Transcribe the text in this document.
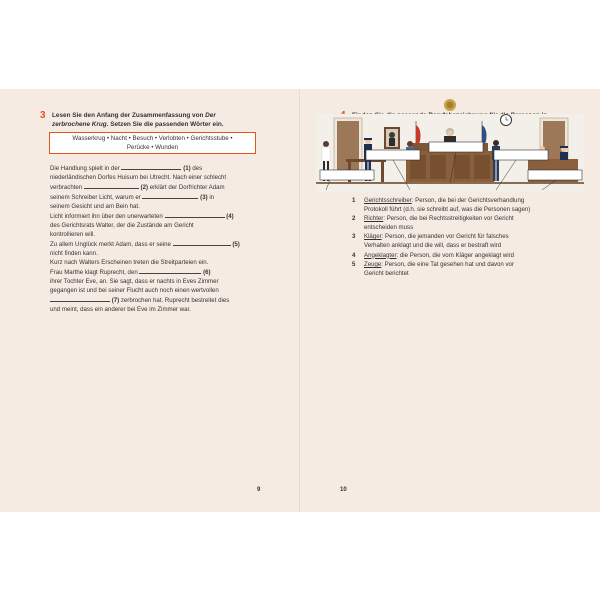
3 Lesen Sie den Anfang der Zusammenfassung von Der
zerbrochene Krug. Setzen Sie die passenden Wörter ein.
Wasserkrug • Nacht • Besuch • Verlobten • Gerichtsstube •
Perücke • Wunden
Die Handlung spielt in der	(1) des
niederländischen Dorfes Huisum bei Utrecht. Nach einer schlecht
verbrachten	(2) erklärt der Dorfrichter Adam
seinem Schreiber Licht, warum er	(3) in
seinem Gesicht und am Bein hat.
Licht informiert ihn über den unerwarteten	(4)
des Gerichtsrats Walter, der die Zustände am Gericht
kontrollieren will.
Zu allem Unglück merkt Adam, dass er seine	(5)
nicht finden kann.
Kurz nach Walters Erscheinen treten die Streitparteien ein.
Frau Marthe klagt Ruprecht, den	(6)
ihrer Tochter Eve, an. Sie sagt, dass er nachts in Eves Zimmer
gegangen ist und bei seiner Flucht auch noch einen wertvollen
(7) zerbrochen hat. Ruprecht bestreitet dies
und meint, dass ein anderer bei Eve im Zimmer war.
9
1 Gerichtsschreiber: Person, die bei der Gerichtsverhandlung
Protokoll führt (d.h. sie schreibt auf, was die Personen sagen)
2 Richter: Person, die bei Rechtsstreitigkeiten vor Gericht
entscheiden muss
3 Kläger: Person, die jemanden vor Gericht für falsches
Verhalten anklagt und die will, dass er bestraft wird
4 Angeklagter: die Person, die vom Kläger angeklagt wird
5 Zeuge: Person, die eine Tat gesehen hat und davon vor
Gericht berichtet
10
